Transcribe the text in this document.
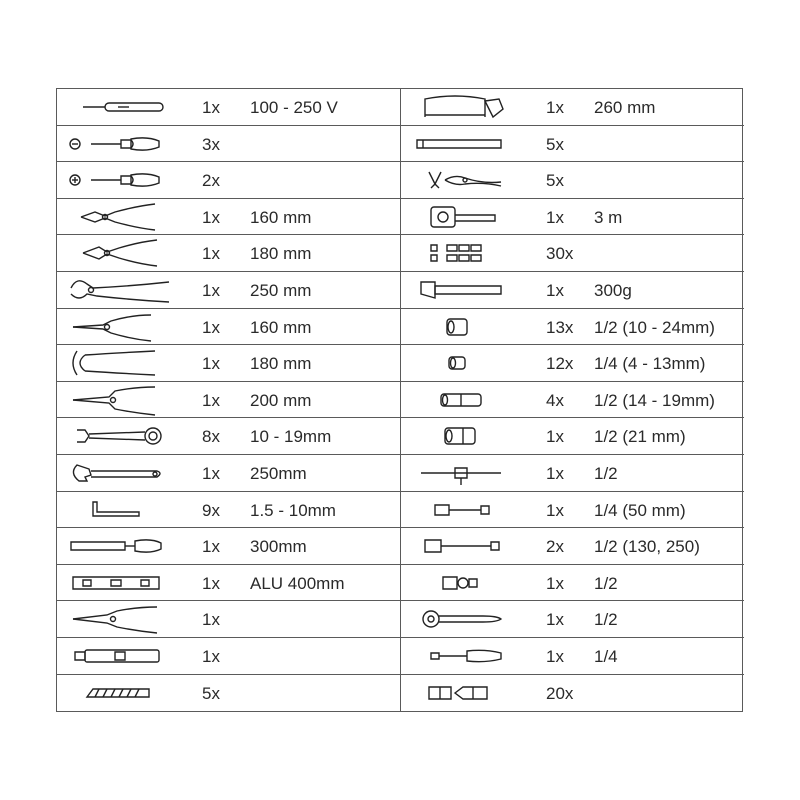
1x 100 - 250 V
3x
2x
1x 160 mm
1x 180 mm
1x 250 mm
1x 160 mm
1x 180 mm
1x 200 mm
8x 10 - 19mm
1x 250mm
9x 1.5 - 10mm
1x 300mm
1x ALU 400mm
1x
1x
5x
1x 260 mm
5x
5x
1x 3 m
30x
1x 300g
13x 1/2 (10 - 24mm)
12x 1/4 (4 - 13mm)
4x 1/2 (14 - 19mm)
1x 1/2 (21 mm)
1x 1/2
1x 1/4 (50 mm)
2x 1/2 (130, 250)
1x 1/2
1x 1/2
1x 1/4
20x
